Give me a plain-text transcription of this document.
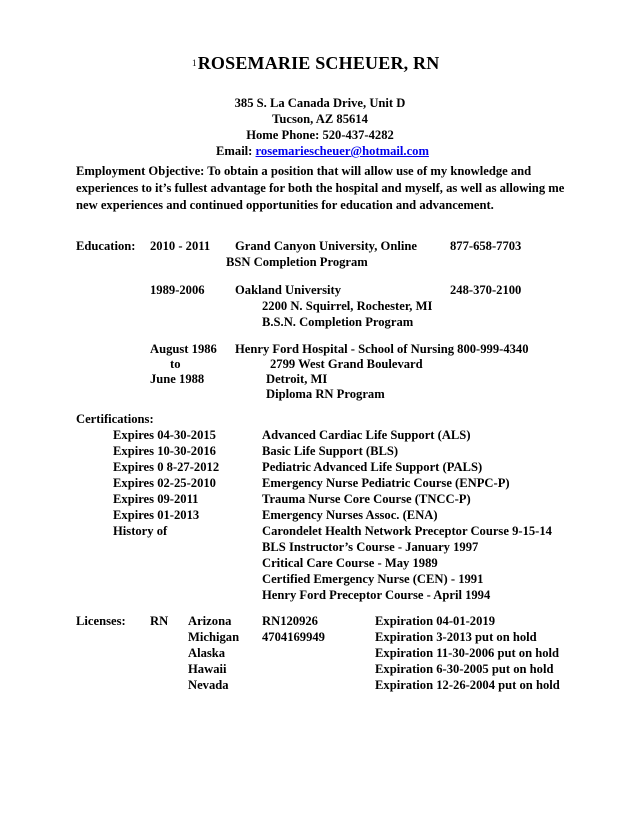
1ROSEMARIE SCHEUER, RN
385 S. La Canada Drive, Unit D
Tucson, AZ 85614
Home Phone: 520-437-4282
Email: rosemariescheuer@hotmail.com
Employment Objective: To obtain a position that will allow use of my knowledge and experiences to it’s fullest advantage for both the hospital and myself, as well as allowing me new experiences and continued opportunities for education and advancement.
Education: 2010 - 2011 Grand Canyon University, Online	877-658-7703
BSN Completion Program
1989-2006 Oakland University	248-370-2100
2200 N. Squirrel, Rochester, MI
B.S.N. Completion Program
August 1986
to
June 1988
Henry Ford Hospital - School of Nursing 800-999-4340
2799 West Grand Boulevard
Detroit, MI
Diploma RN Program
Certifications:
Expires 04-30-2015	Advanced Cardiac Life Support (ALS)
Expires 10-30-2016	Basic Life Support (BLS)
Expires 0 8-27-2012	Pediatric Advanced Life Support (PALS)
Expires 02-25-2010	Emergency Nurse Pediatric Course (ENPC-P)
Expires 09-2011	Trauma Nurse Core Course (TNCC-P)
Expires 01-2013	Emergency Nurses Assoc. (ENA)
History of	Carondelet Health Network Preceptor Course 9-15-14
BLS Instructor’s Course - January 1997
Critical Care Course - May 1989
Certified Emergency Nurse (CEN) - 1991
Henry Ford Preceptor Course - April 1994
Licenses: RN Arizona RN120926	Expiration 04-01-2019
Michigan 4704169949	Expiration 3-2013 put on hold
Alaska	Expiration 11-30-2006 put on hold
Hawaii	Expiration 6-30-2005 put on hold
Nevada	Expiration 12-26-2004 put on hold
